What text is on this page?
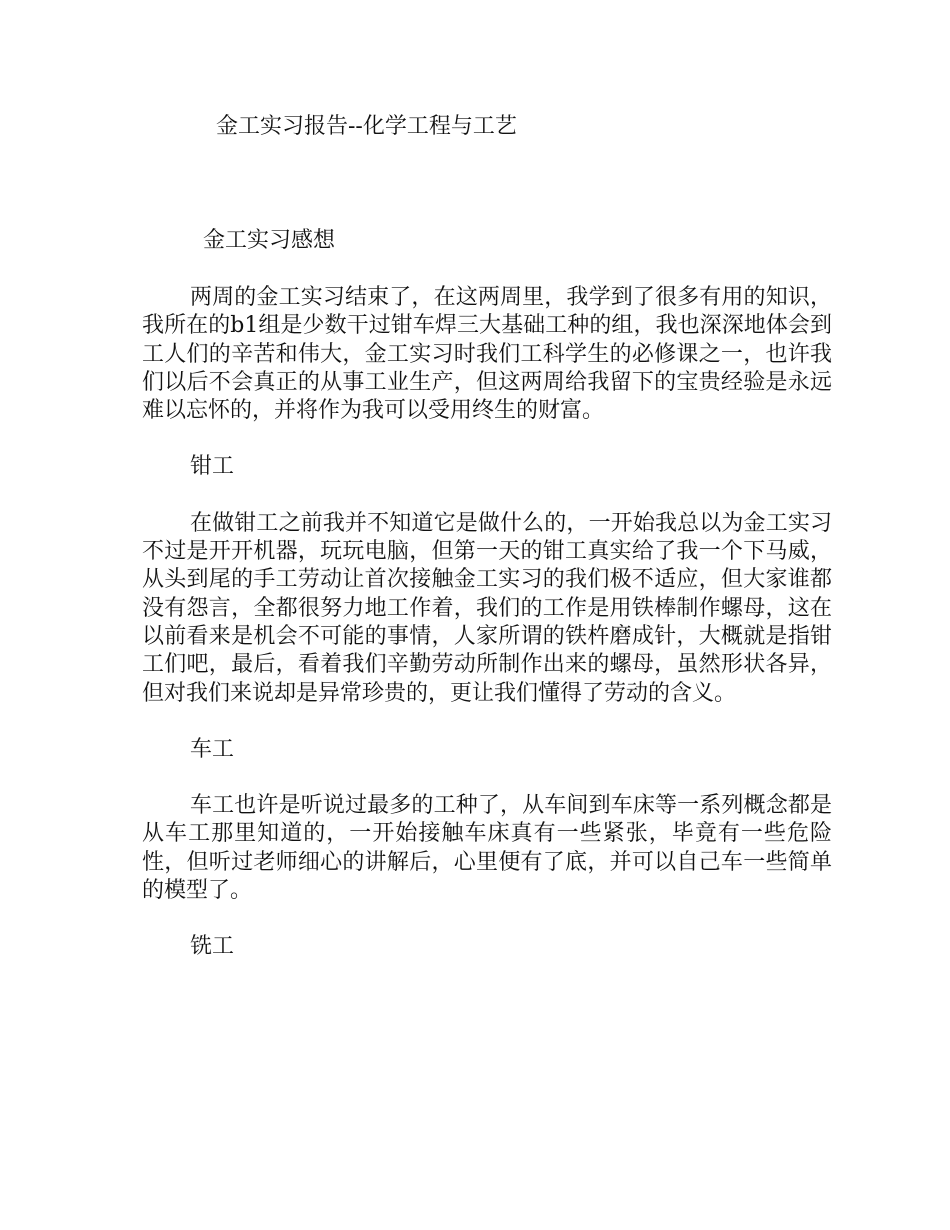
金工实习报告--化学工程与工艺
金工实习感想

两周的金工实习结束了，在这两周里，我学到了很多有用的知识，我所在的b1组是少数干过钳车焊三大基础工种的组，我也深深地体会到工人们的辛苦和伟大，金工实习时我们工科学生的必修课之一，也许我们以后不会真正的从事工业生产，但这两周给我留下的宝贵经验是永远难以忘怀的，并将作为我可以受用终生的财富。

钳工

在做钳工之前我并不知道它是做什么的，一开始我总以为金工实习不过是开开机器，玩玩电脑，但第一天的钳工真实给了我一个下马威，从头到尾的手工劳动让首次接触金工实习的我们极不适应，但大家谁都没有怨言，全都很努力地工作着，我们的工作是用铁棒制作螺母，这在以前看来是机会不可能的事情，人家所谓的铁杵磨成针，大概就是指钳工们吧，最后，看着我们辛勤劳动所制作出来的螺母，虽然形状各异，但对我们来说却是异常珍贵的，更让我们懂得了劳动的含义。

车工

车工也许是听说过最多的工种了，从车间到车床等一系列概念都是从车工那里知道的，一开始接触车床真有一些紧张，毕竟有一些危险性，但听过老师细心的讲解后，心里便有了底，并可以自己车一些简单的模型了。

铣工
